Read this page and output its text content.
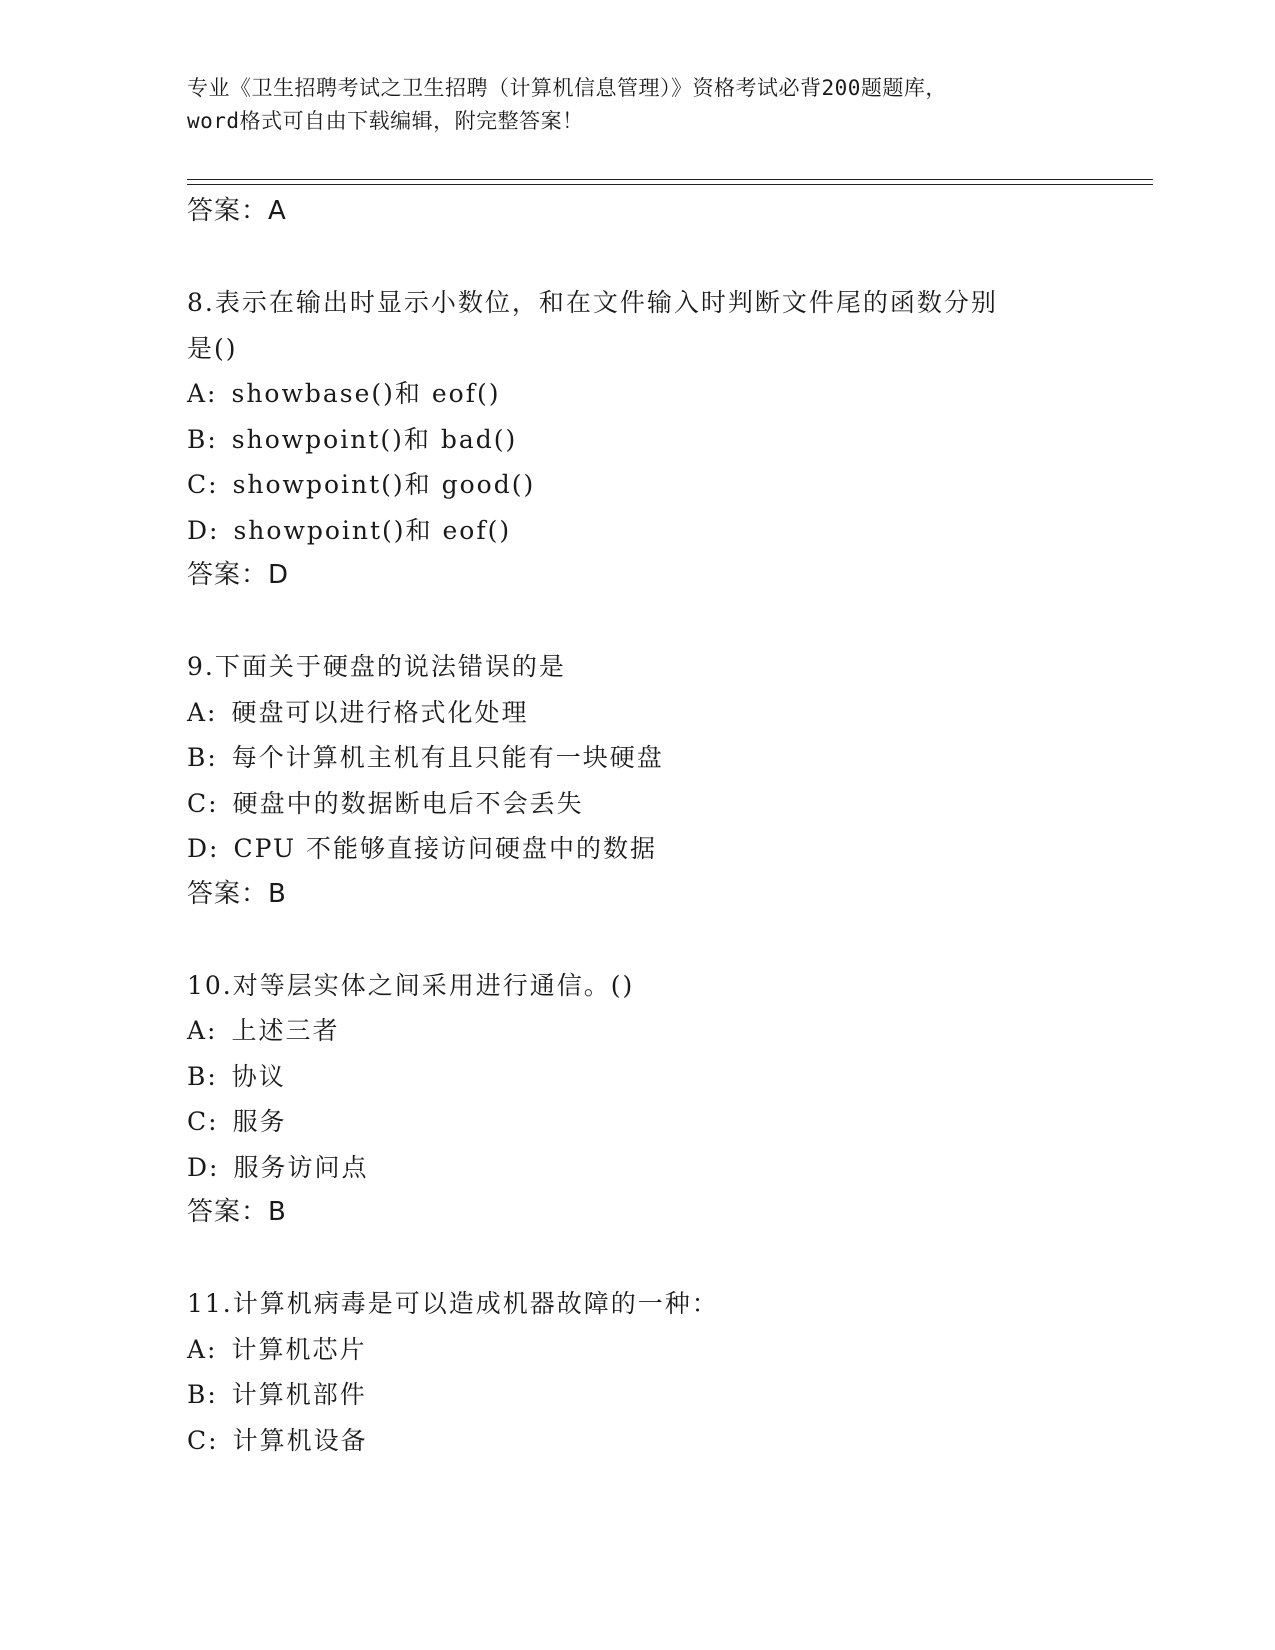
专业《卫生招聘考试之卫生招聘（计算机信息管理）》资格考试必背200题题库，
word格式可自由下载编辑，附完整答案！
答案：A
8.表示在输出时显示小数位，和在文件输入时判断文件尾的函数分别
是()
A: showbase()和 eof()
B: showpoint()和 bad()
C: showpoint()和 good()
D: showpoint()和 eof()
答案：D
9.下面关于硬盘的说法错误的是
A: 硬盘可以进行格式化处理
B: 每个计算机主机有且只能有一块硬盘
C: 硬盘中的数据断电后不会丢失
D: CPU 不能够直接访问硬盘中的数据
答案：B
10.对等层实体之间采用进行通信。()
A: 上述三者
B: 协议
C: 服务
D: 服务访问点
答案：B
11.计算机病毒是可以造成机器故障的一种：
A: 计算机芯片
B: 计算机部件
C: 计算机设备
